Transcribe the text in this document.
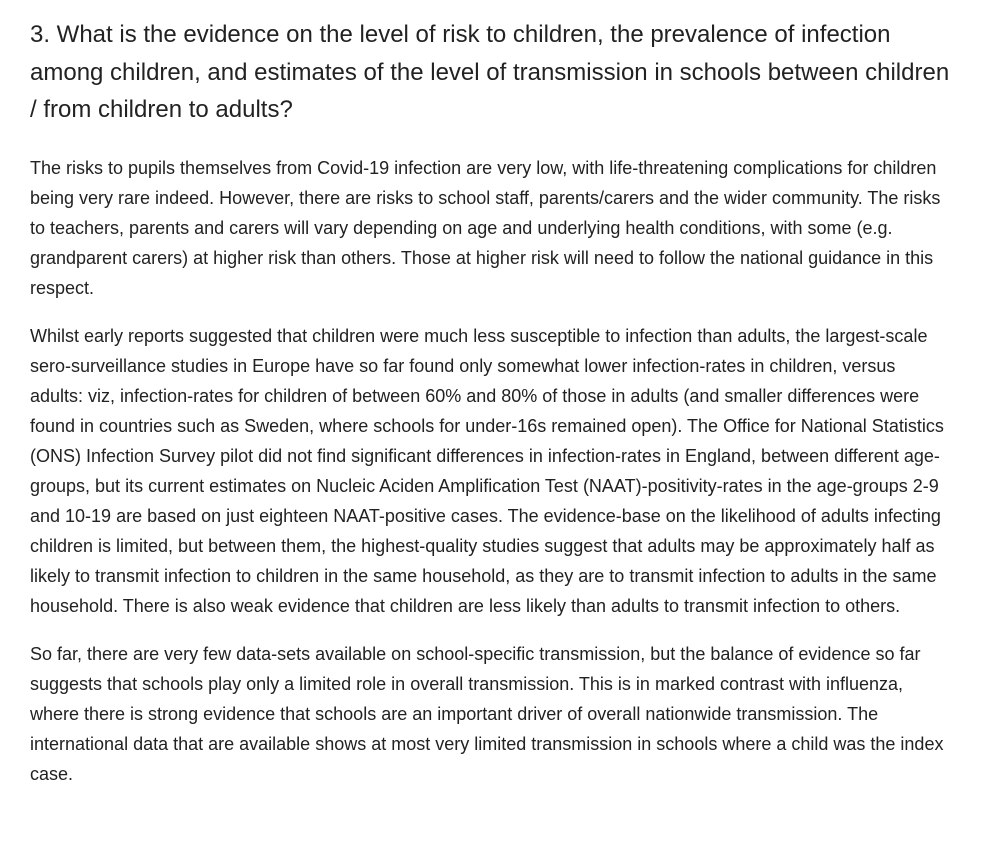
3. What is the evidence on the level of risk to children, the prevalence of infection among children, and estimates of the level of transmission in schools between children / from children to adults?

The risks to pupils themselves from Covid-19 infection are very low, with life-threatening complications for children being very rare indeed. However, there are risks to school staff, parents/carers and the wider community. The risks to teachers, parents and carers will vary depending on age and underlying health conditions, with some (e.g. grandparent carers) at higher risk than others. Those at higher risk will need to follow the national guidance in this respect.

Whilst early reports suggested that children were much less susceptible to infection than adults, the largest-scale sero-surveillance studies in Europe have so far found only somewhat lower infection-rates in children, versus adults: viz, infection-rates for children of between 60% and 80% of those in adults (and smaller differences were found in countries such as Sweden, where schools for under-16s remained open). The Office for National Statistics (ONS) Infection Survey pilot did not find significant differences in infection-rates in England, between different age-groups, but its current estimates on Nucleic Aciden Amplification Test (NAAT)-positivity-rates in the age-groups 2-9 and 10-19 are based on just eighteen NAAT-positive cases. The evidence-base on the likelihood of adults infecting children is limited, but between them, the highest-quality studies suggest that adults may be approximately half as likely to transmit infection to children in the same household, as they are to transmit infection to adults in the same household. There is also weak evidence that children are less likely than adults to transmit infection to others.

So far, there are very few data-sets available on school-specific transmission, but the balance of evidence so far suggests that schools play only a limited role in overall transmission. This is in marked contrast with influenza, where there is strong evidence that schools are an important driver of overall nationwide transmission. The international data that are available shows at most very limited transmission in schools where a child was the index case.
